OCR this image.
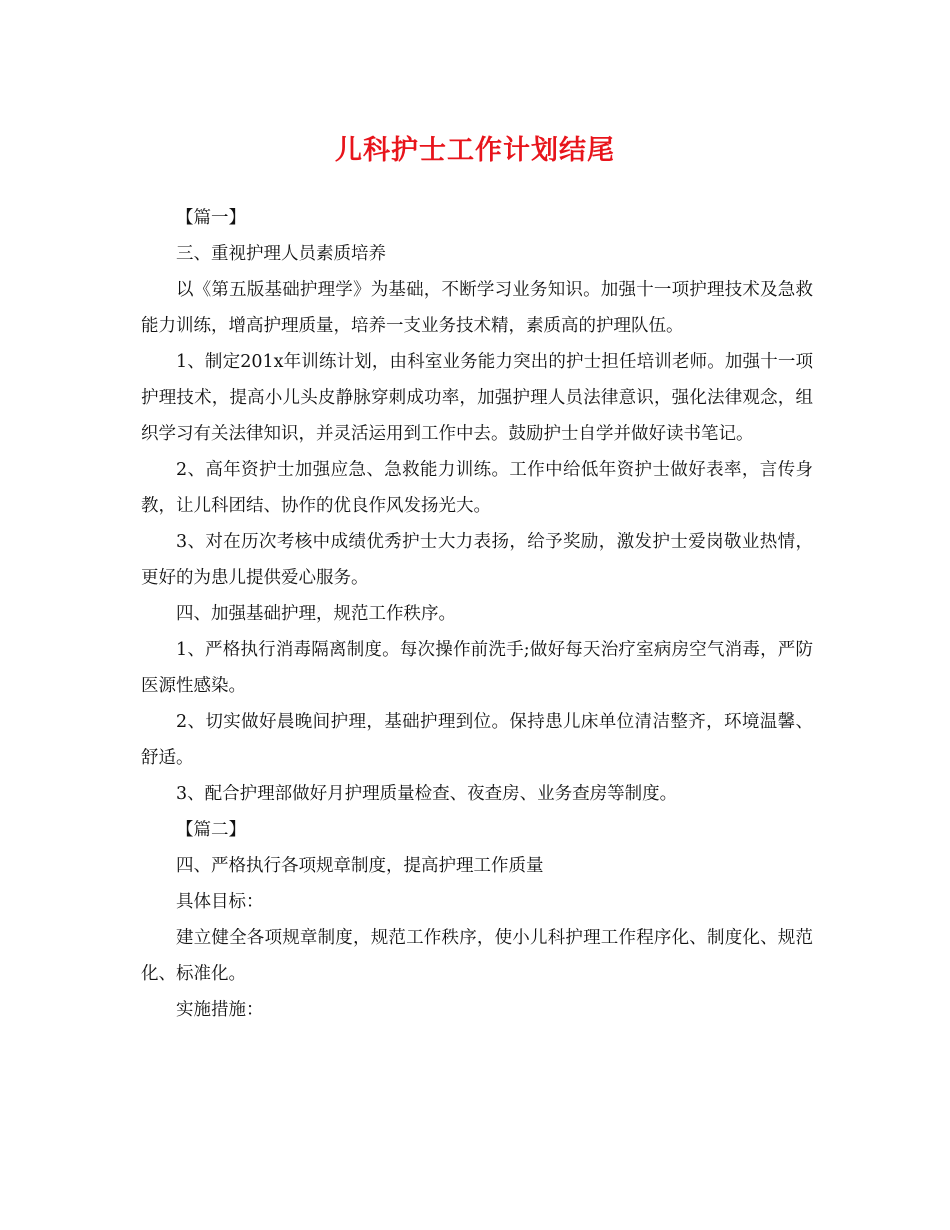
儿科护士工作计划结尾

【篇一】

三、重视护理人员素质培养

以《第五版基础护理学》为基础，不断学习业务知识。加强十一项护理技术及急救能力训练，增高护理质量，培养一支业务技术精，素质高的护理队伍。

1、制定201x年训练计划，由科室业务能力突出的护士担任培训老师。加强十一项护理技术，提高小儿头皮静脉穿刺成功率，加强护理人员法律意识，强化法律观念，组织学习有关法律知识，并灵活运用到工作中去。鼓励护士自学并做好读书笔记。

2、高年资护士加强应急、急救能力训练。工作中给低年资护士做好表率，言传身教，让儿科团结、协作的优良作风发扬光大。

3、对在历次考核中成绩优秀护士大力表扬，给予奖励，激发护士爱岗敬业热情，更好的为患儿提供爱心服务。

四、加强基础护理，规范工作秩序。

1、严格执行消毒隔离制度。每次操作前洗手;做好每天治疗室病房空气消毒，严防医源性感染。

2、切实做好晨晚间护理，基础护理到位。保持患儿床单位清洁整齐，环境温馨、舒适。

3、配合护理部做好月护理质量检查、夜查房、业务查房等制度。

【篇二】

四、严格执行各项规章制度，提高护理工作质量

具体目标：

建立健全各项规章制度，规范工作秩序，使小儿科护理工作程序化、制度化、规范化、标准化。

实施措施：
